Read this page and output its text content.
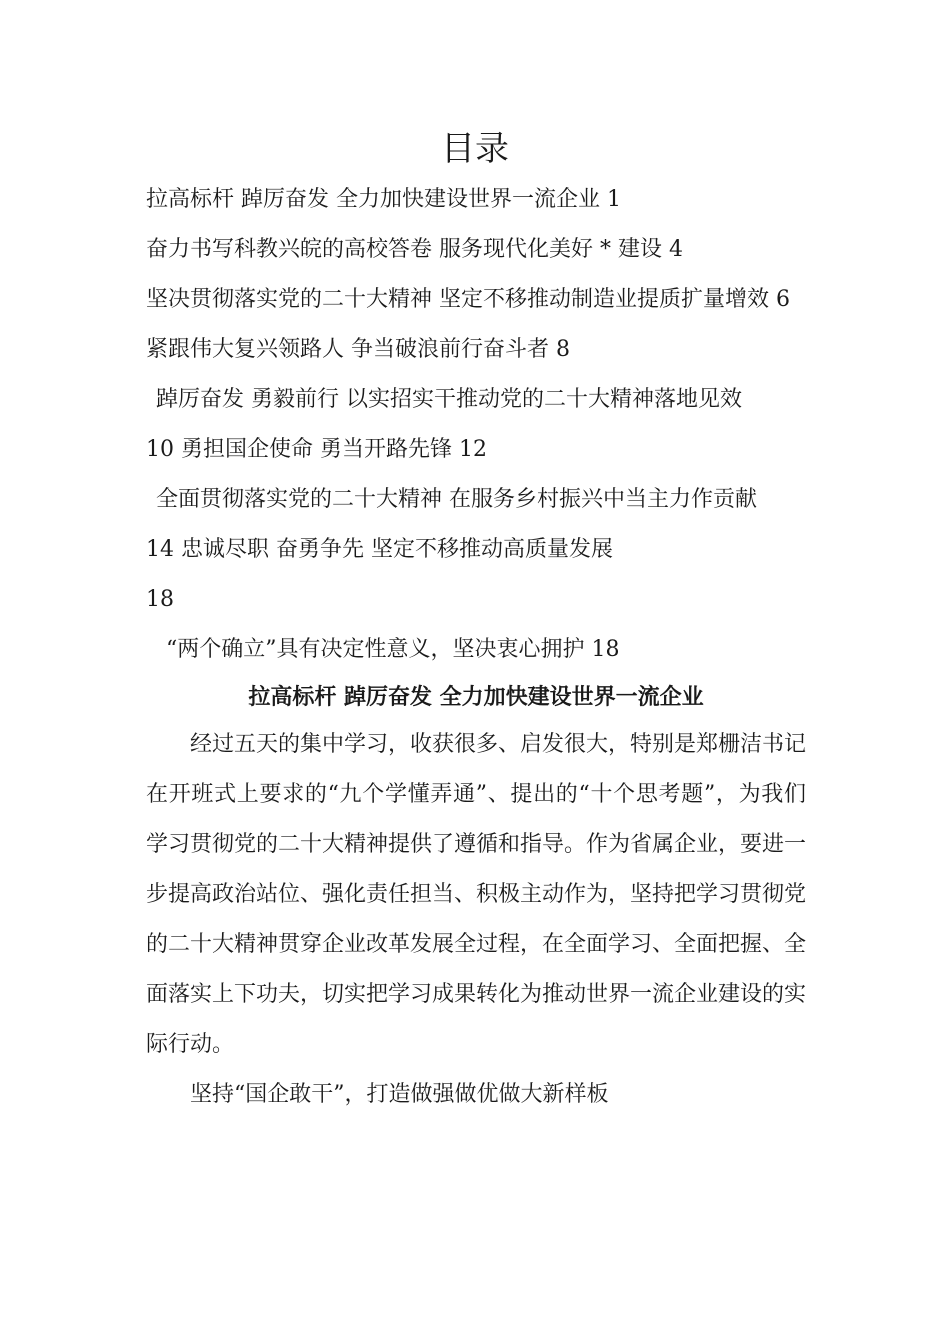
目录
拉高标杆 踔厉奋发 全力加快建设世界一流企业 1
奋力书写科教兴皖的高校答卷 服务现代化美好 * 建设 4
坚决贯彻落实党的二十大精神 坚定不移推动制造业提质扩量增效 6 紧跟伟大复兴领路人 争当破浪前行奋斗者 8
踔厉奋发 勇毅前行 以实招实干推动党的二十大精神落地见效
10 勇担国企使命 勇当开路先锋 12
全面贯彻落实党的二十大精神 在服务乡村振兴中当主力作贡献
14 忠诚尽职 奋勇争先 坚定不移推动高质量发展
18
“两个确立”具有决定性意义，坚决衷心拥护 18
拉高标杆 踔厉奋发 全力加快建设世界一流企业

经过五天的集中学习，收获很多、启发很大，特别是郑栅洁书记在开班式上要求的“九个学懂弄通”、提出的“十个思考题”，为我们学习贯彻党的二十大精神提供了遵循和指导。作为省属企业，要进一步提高政治站位、强化责任担当、积极主动作为，坚持把学习贯彻党的二十大精神贯穿企业改革发展全过程，在全面学习、全面把握、全面落实上下功夫，切实把学习成果转化为推动世界一流企业建设的实际行动。

坚持“国企敢干”，打造做强做优做大新样板
